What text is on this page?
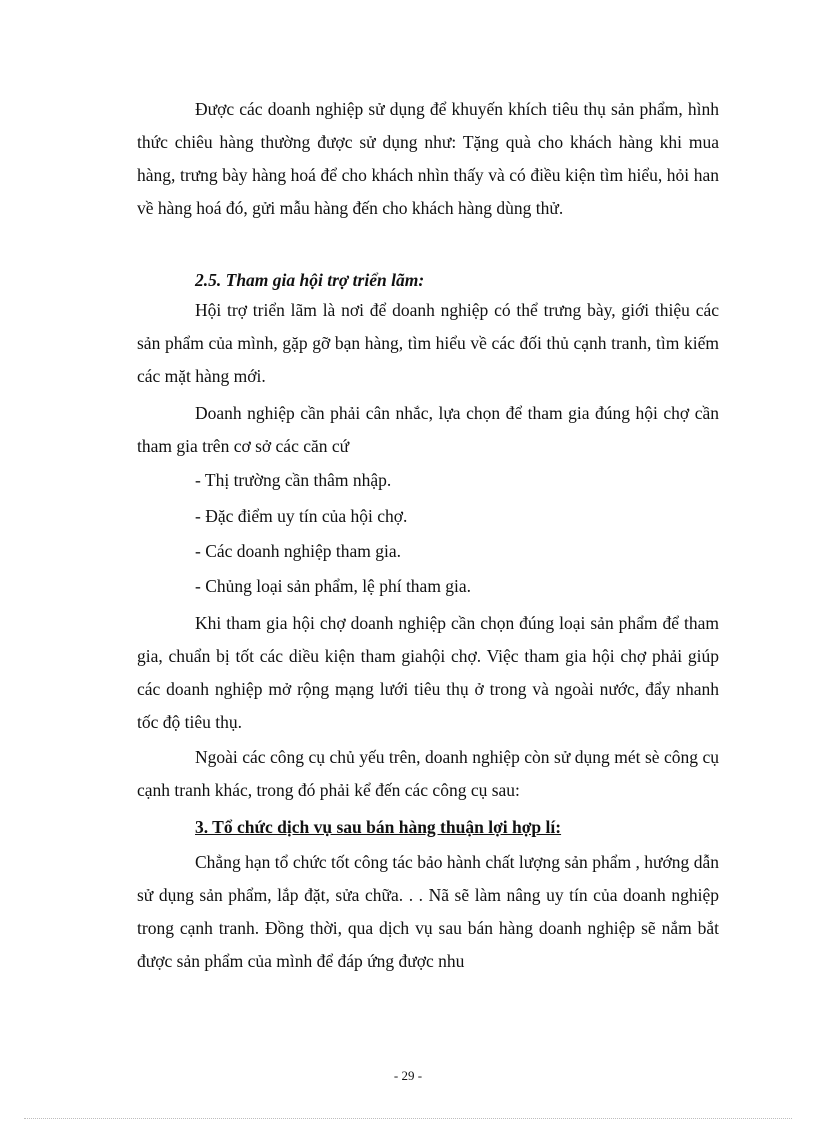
Được các doanh nghiệp sử dụng để khuyến khích tiêu thụ sản phẩm, hình thức chiêu hàng thường được sử dụng như: Tặng quà cho khách hàng khi mua hàng, trưng bày hàng hoá để cho khách nhìn thấy và có điều kiện tìm hiểu, hỏi han về hàng hoá đó, gửi mẫu hàng đến cho khách hàng dùng thử.

2.5. Tham gia hội trợ triển lãm:

Hội trợ triển lãm là nơi để doanh nghiệp có thể trưng bày, giới thiệu các sản phẩm của mình, gặp gỡ bạn hàng, tìm hiểu về các đối thủ cạnh tranh, tìm kiếm các mặt hàng mới.

Doanh nghiệp cần phải cân nhắc, lựa chọn để tham gia đúng hội chợ cần tham gia trên cơ sở các căn cứ

- Thị trường cần thâm nhập.

- Đặc điểm uy tín của hội chợ.

- Các doanh nghiệp tham gia.

- Chủng loại sản phẩm, lệ phí tham gia.

Khi tham gia hội chợ doanh nghiệp cần chọn đúng loại sản phẩm để tham gia, chuẩn bị tốt các diều kiện tham giahội chợ. Việc tham gia hội chợ phải giúp các doanh nghiệp mở rộng mạng lưới tiêu thụ ở trong và ngoài nước, đẩy nhanh tốc độ tiêu thụ.

Ngoài các công cụ chủ yếu trên, doanh nghiệp còn sử dụng mét sè công cụ cạnh tranh khác, trong đó phải kể đến các công cụ sau:

3. Tổ chức dịch vụ sau bán hàng thuận lợi hợp lí:

Chẳng hạn tổ chức tốt công tác bảo hành chất lượng sản phẩm , hướng dẫn sử dụng sản phẩm, lắp đặt, sửa chữa. . . Nã sẽ làm nâng uy tín của doanh nghiệp trong cạnh tranh. Đồng thời, qua dịch vụ sau bán hàng doanh nghiệp sẽ nắm bắt được sản phẩm của mình để đáp ứng được nhu

- 29 -
